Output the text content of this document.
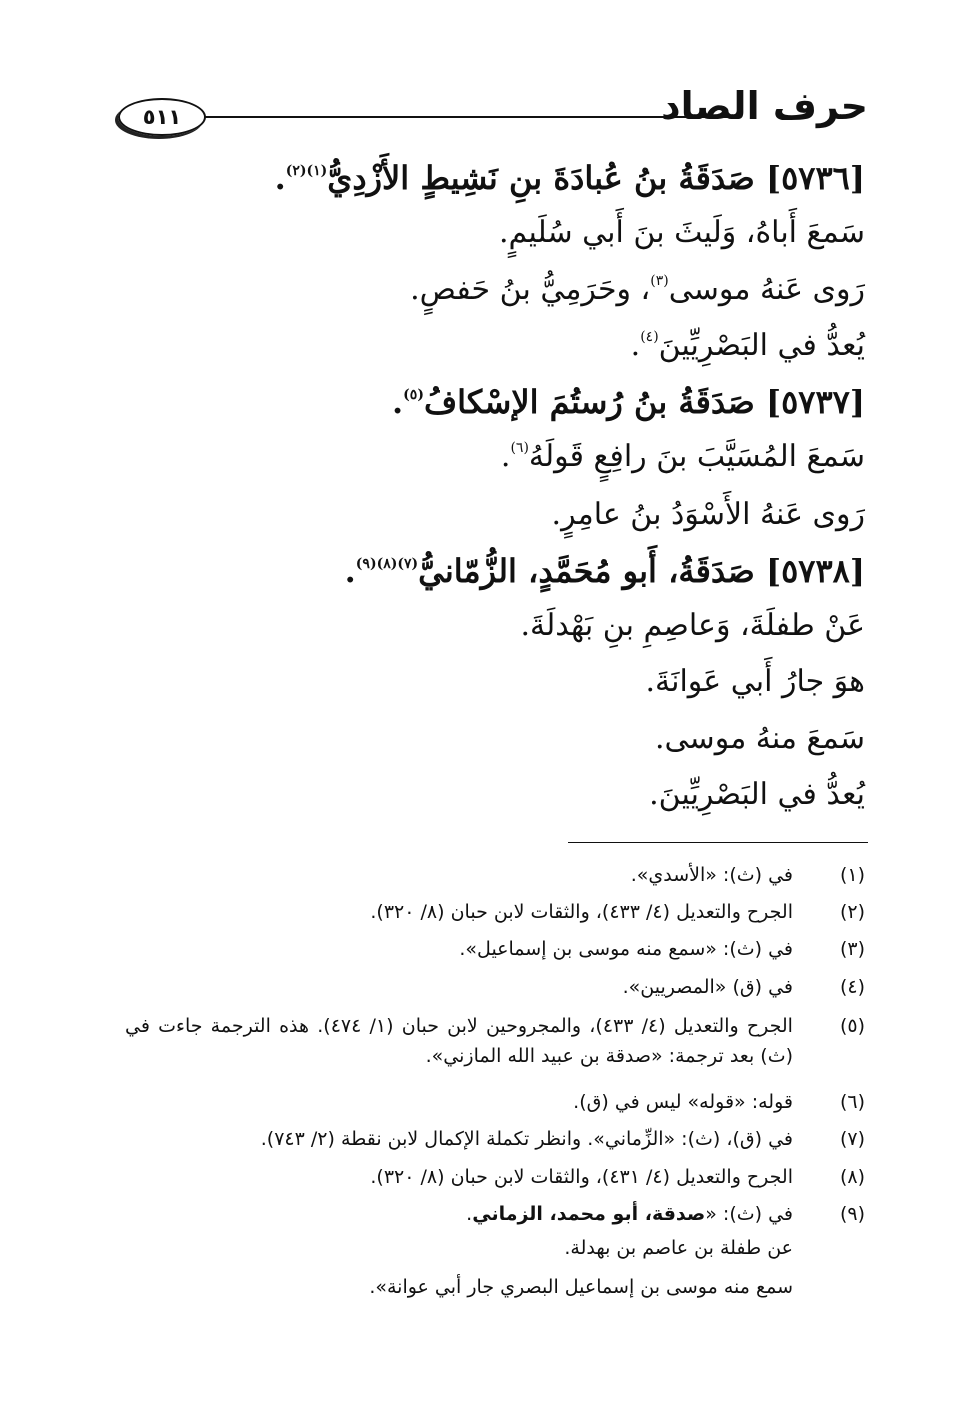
حرف الصاد
٥١١
[٥٧٣٦] صَدَقَةُ بنُ عُبادَةَ بنِ نَشِيطٍ الأَزْدِيُّ$^{(١)(٢)}$.
سَمعَ أَباهُ، وَلَيثَ بنَ أَبي سُلَيمٍ.
رَوى عَنهُ موسى$^{(٣)}$، وحَرَمِيُّ بنُ حَفصٍ.
يُعدُّ في البَصْرِيِّينَ$^{(٤)}$.
[٥٧٣٧] صَدَقَةُ بنُ رُستُمَ الإسْكافُ$^{(٥)}$.
سَمعَ المُسَيَّبَ بنَ رافِعٍ قَولَهُ$^{(٦)}$.
رَوى عَنهُ الأَسْوَدُ بنُ عامِرٍ.
[٥٧٣٨] صَدَقَةُ، أَبو مُحَمَّدٍ، الزُّمّانيُّ$^{(٧)(٨)(٩)}$.
عَنْ طفلَةَ، وَعاصِمِ بنِ بَهْدلَةَ.
هوَ جارُ أَبي عَوانَةَ.
سَمعَ منهُ موسى.
يُعدُّ في البَصْرِيِّينَ.
(١)
في (ث): «الأسدي».
(٢)
الجرح والتعديل (٤/ ٤٣٣)، والثقات لابن حبان (٨/ ٣٢٠).
(٣)
في (ث): «سمع منه موسى بن إسماعيل».
(٤)
في (ق) «المصريين».
(٥)
الجرح والتعديل (٤/ ٤٣٣)، والمجروحين لابن حبان (١/ ٤٧٤). هذه الترجمة جاءت في (ث) بعد ترجمة: «صدقة بن عبيد الله المازني».
(٦)
قوله: «قوله» ليس في (ق).
(٧)
في (ق)، (ث): «الزِّماني». وانظر تكملة الإكمال لابن نقطة (٢/ ٧٤٣).
(٨)
الجرح والتعديل (٤/ ٤٣١)، والثقات لابن حبان (٨/ ٣٢٠).
(٩)
في (ث): «صدقة، أبو محمد، الزماني.
عن طفلة بن عاصم بن بهدلة.
سمع منه موسى بن إسماعيل البصري جار أبي عوانة».
